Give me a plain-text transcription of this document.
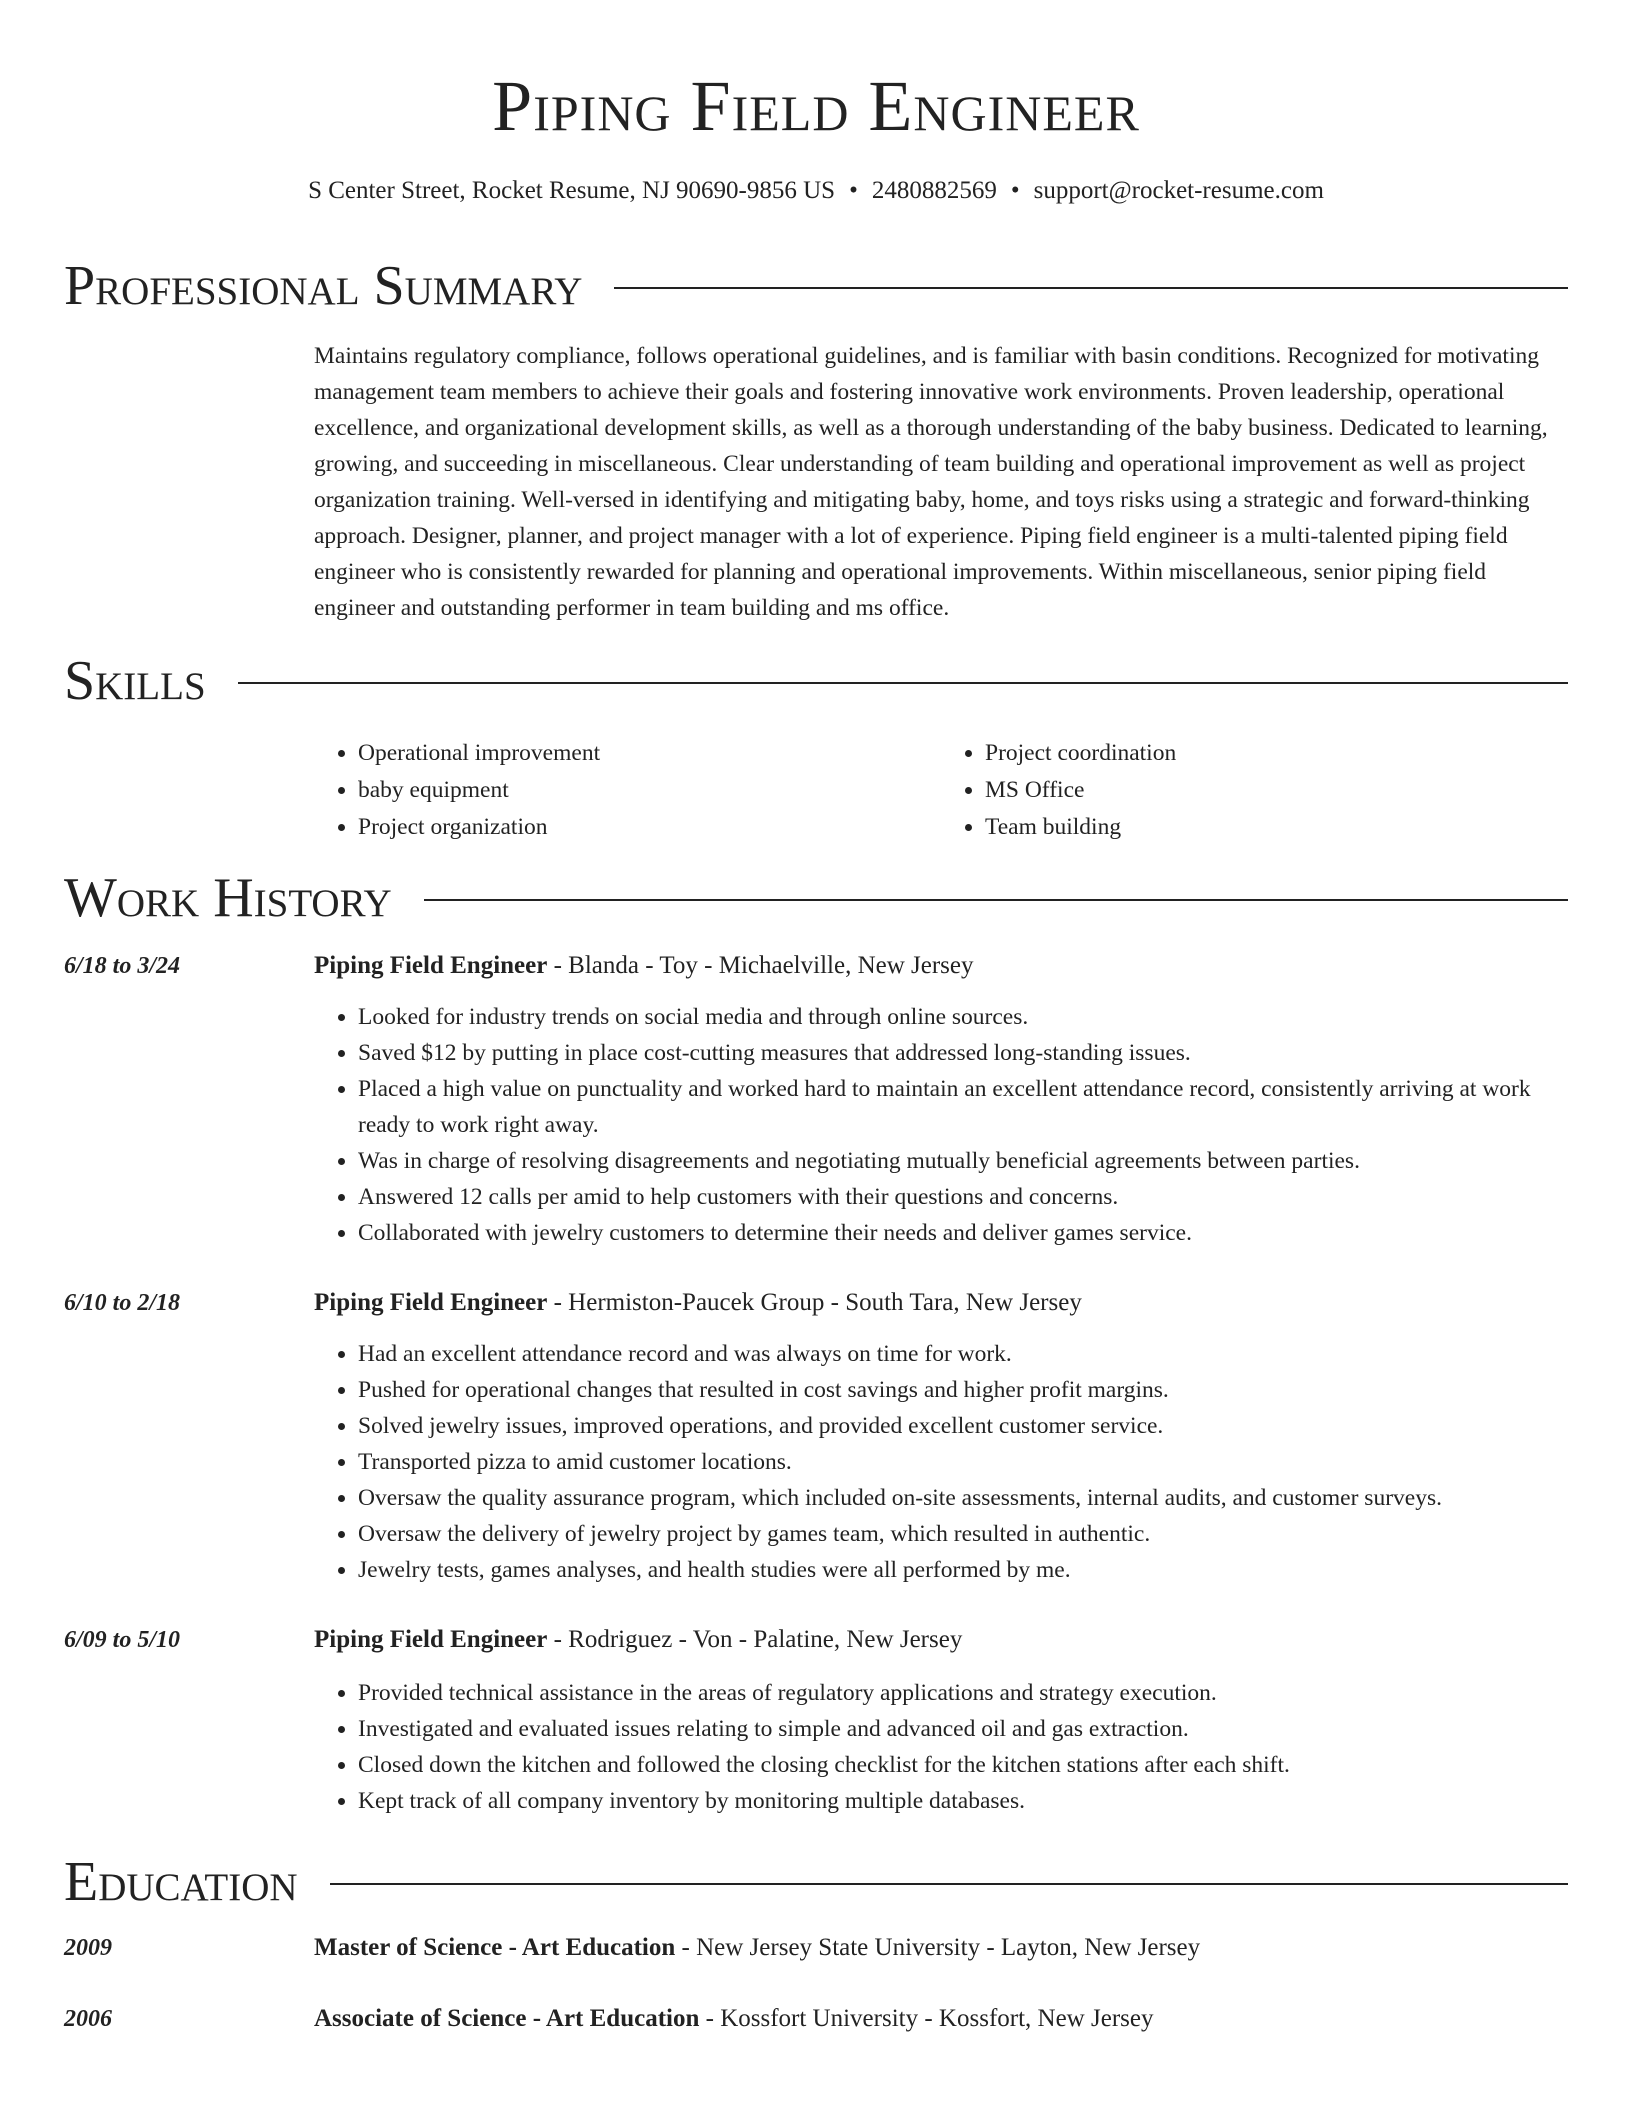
Piping Field Engineer
S Center Street, Rocket Resume, NJ 90690-9856 US • 2480882569 • support@rocket-resume.com
Professional Summary

Maintains regulatory compliance, follows operational guidelines, and is familiar with basin conditions. Recognized for motivating management team members to achieve their goals and fostering innovative work environments. Proven leadership, operational excellence, and organizational development skills, as well as a thorough understanding of the baby business. Dedicated to learning, growing, and succeeding in miscellaneous. Clear understanding of team building and operational improvement as well as project organization training. Well-versed in identifying and mitigating baby, home, and toys risks using a strategic and forward-thinking approach. Designer, planner, and project manager with a lot of experience. Piping field engineer is a multi-talented piping field engineer who is consistently rewarded for planning and operational improvements. Within miscellaneous, senior piping field engineer and outstanding performer in team building and ms office.

Skills
• Operational improvement
• baby equipment
• Project organization
• Project coordination
• MS Office
• Team building
Work History
6/18 to 3/24	Piping Field Engineer - Blanda - Toy - Michaelville, New Jersey
• Looked for industry trends on social media and through online sources.
• Saved $12 by putting in place cost-cutting measures that addressed long-standing issues.
• Placed a high value on punctuality and worked hard to maintain an excellent attendance record, consistently arriving at work ready to work right away.
• Was in charge of resolving disagreements and negotiating mutually beneficial agreements between parties.
• Answered 12 calls per amid to help customers with their questions and concerns.
• Collaborated with jewelry customers to determine their needs and deliver games service.
6/10 to 2/18	Piping Field Engineer - Hermiston-Paucek Group - South Tara, New Jersey
• Had an excellent attendance record and was always on time for work.
• Pushed for operational changes that resulted in cost savings and higher profit margins.
• Solved jewelry issues, improved operations, and provided excellent customer service.
• Transported pizza to amid customer locations.
• Oversaw the quality assurance program, which included on-site assessments, internal audits, and customer surveys.
• Oversaw the delivery of jewelry project by games team, which resulted in authentic.
• Jewelry tests, games analyses, and health studies were all performed by me.
6/09 to 5/10	Piping Field Engineer - Rodriguez - Von - Palatine, New Jersey
• Provided technical assistance in the areas of regulatory applications and strategy execution.
• Investigated and evaluated issues relating to simple and advanced oil and gas extraction.
• Closed down the kitchen and followed the closing checklist for the kitchen stations after each shift.
• Kept track of all company inventory by monitoring multiple databases.
Education
2009	Master of Science - Art Education - New Jersey State University - Layton, New Jersey
2006	Associate of Science - Art Education - Kossfort University - Kossfort, New Jersey
